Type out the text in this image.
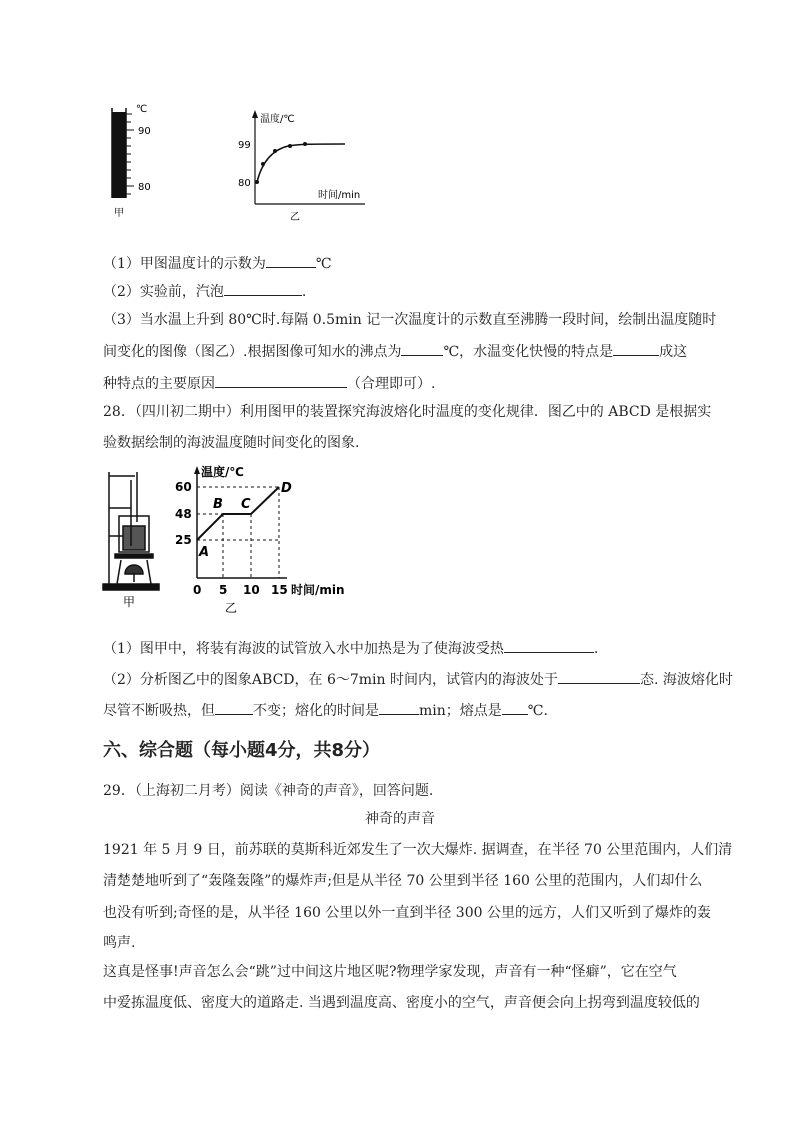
℃
90
80
甲
温度/℃
99
80
时间/min
乙
（1）甲图温度计的示数为	℃
（2）实验前，汽泡	.
（3）当水温上升到 80℃时.每隔 0.5min 记一次温度计的示数直至沸腾一段时间，绘制出温度随时
间变化的图像（图乙）.根据图像可知水的沸点为	℃，水温变化快慢的特点是	成这
种特点的主要原因	（合理即可）.
28．（四川初二期中）利用图甲的装置探究海波熔化时温度的变化规律．图乙中的 ABCD 是根据实
验数据绘制的海波温度随时间变化的图象.
甲
温度/℃
60
48
25
0 5 10 15 时间/min
A
B C
D
乙
（1）图甲中，将装有海波的试管放入水中加热是为了使海波受热	.
（2）分析图乙中的图象ABCD，在 6～7min 时间内，试管内的海波处于	态. 海波熔化时
尽管不断吸热，但	不变；熔化的时间是	min；熔点是 ℃.
六、综合题（每小题4分，共8分）
29．（上海初二月考）阅读《神奇的声音》，回答问题.
神奇的声音
1921 年 5 月 9 日，前苏联的莫斯科近郊发生了一次大爆炸. 据调查，在半径 70 公里范围内，人们清
清楚楚地听到了“轰隆轰隆”的爆炸声;但是从半径 70 公里到半径 160 公里的范围内，人们却什么
也没有听到;奇怪的是，从半径 160 公里以外一直到半径 300 公里的远方，人们又听到了爆炸的轰
鸣声.
这真是怪事!声音怎么会“跳”过中间这片地区呢?物理学家发现，声音有一种“怪癖”，它在空气
中爱拣温度低、密度大的道路走. 当遇到温度高、密度小的空气，声音便会向上拐弯到温度较低的
